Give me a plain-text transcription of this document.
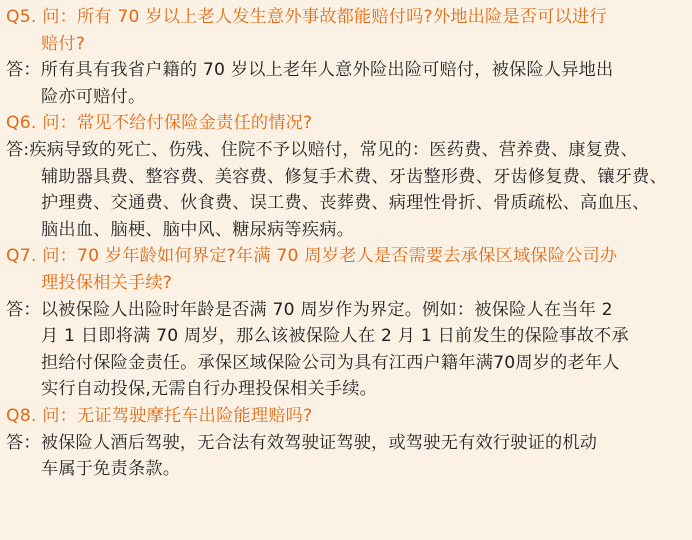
Q5. 问：所有 70 岁以上老人发生意外事故都能赔付吗?外地出险是否可以进行
赔付?
答：所有具有我省户籍的 70 岁以上老年人意外险出险可赔付，被保险人异地出
险亦可赔付。
Q6. 问：常见不给付保险金责任的情况?
答:疾病导致的死亡、伤残、住院不予以赔付，常见的：医药费、营养费、康复费、
辅助器具费、整容费、美容费、修复手术费、牙齿整形费、牙齿修复费、镶牙费、
护理费、交通费、伙食费、误工费、丧葬费、病理性骨折、骨质疏松、高血压、
脑出血、脑梗、脑中风、糖尿病等疾病。
Q7. 问：70 岁年龄如何界定?年满 70 周岁老人是否需要去承保区域保险公司办
理投保相关手续?
答：以被保险人出险时年龄是否满 70 周岁作为界定。例如：被保险人在当年 2
月 1 日即将满 70 周岁，那么该被保险人在 2 月 1 日前发生的保险事故不承
担给付保险金责任。承保区域保险公司为具有江西户籍年满70周岁的老年人
实行自动投保,无需自行办理投保相关手续。
Q8. 问：无证驾驶摩托车出险能理赔吗?
答：被保险人酒后驾驶，无合法有效驾驶证驾驶，或驾驶无有效行驶证的机动
车属于免责条款。
